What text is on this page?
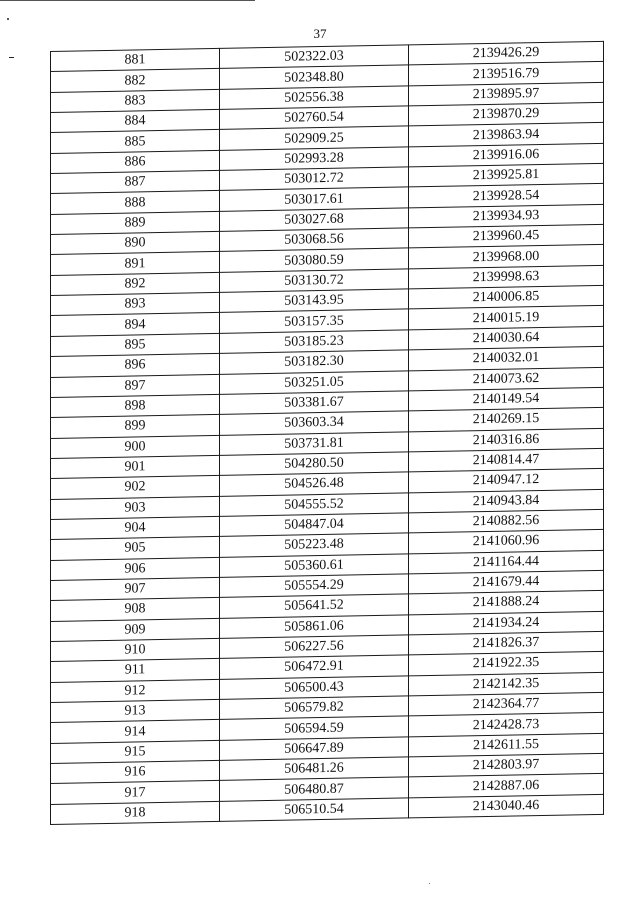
37
881	502322.03	2139426.29
882	502348.80	2139516.79
883	502556.38	2139895.97
884	502760.54	2139870.29
885	502909.25	2139863.94
886	502993.28	2139916.06
887	503012.72	2139925.81
888	503017.61	2139928.54
889	503027.68	2139934.93
890	503068.56	2139960.45
891	503080.59	2139968.00
892	503130.72	2139998.63
893	503143.95	2140006.85
894	503157.35	2140015.19
895	503185.23	2140030.64
896	503182.30	2140032.01
897	503251.05	2140073.62
898	503381.67	2140149.54
899	503603.34	2140269.15
900	503731.81	2140316.86
901	504280.50	2140814.47
902	504526.48	2140947.12
903	504555.52	2140943.84
904	504847.04	2140882.56
905	505223.48	2141060.96
906	505360.61	2141164.44
907	505554.29	2141679.44
908	505641.52	2141888.24
909	505861.06	2141934.24
910	506227.56	2141826.37
911	506472.91	2141922.35
912	506500.43	2142142.35
913	506579.82	2142364.77
914	506594.59	2142428.73
915	506647.89	2142611.55
916	506481.26	2142803.97
917	506480.87	2142887.06
918	506510.54	2143040.46
